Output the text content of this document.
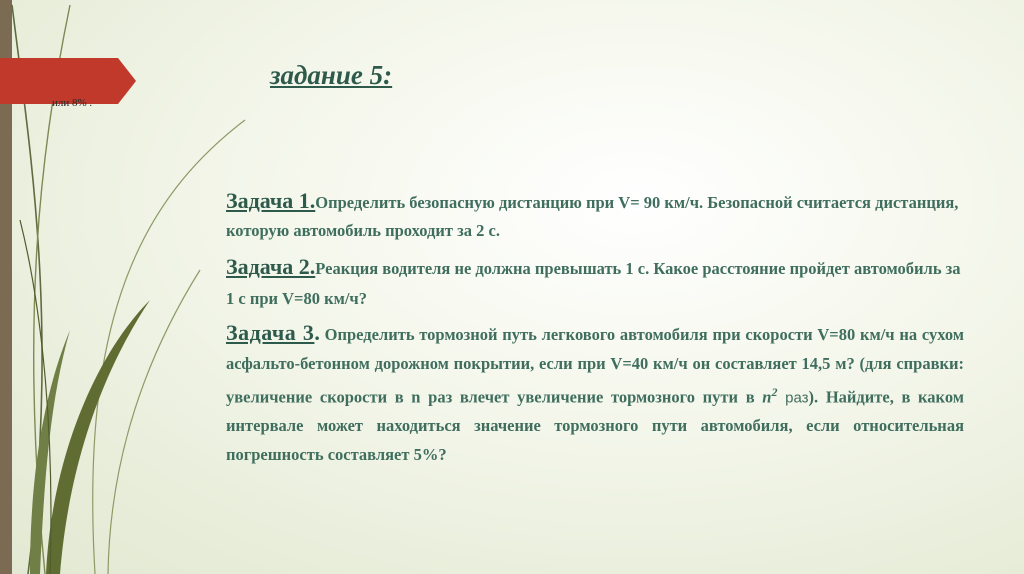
или 8% .
задание 5:
Задача 1.Определить безопасную дистанцию при V= 90 км/ч. Безопасной считается дистанция, которую автомобиль проходит за 2 с.
Задача 2.Реакция водителя не должна превышать 1 с. Какое расстояние пройдет автомобиль за 1 с при V=80 км/ч?
Задача 3. Определить тормозной путь легкового автомобиля при скорости V=80 км/ч на сухом асфальто-бетонном дорожном покрытии, если при V=40 км/ч он составляет 14,5 м? (для справки: увеличение скорости в n раз влечет увеличение тормозного пути в $n^2$ раз). Найдите, в каком интервале может находиться значение тормозного пути автомобиля, если относительная погрешность составляет 5%?
